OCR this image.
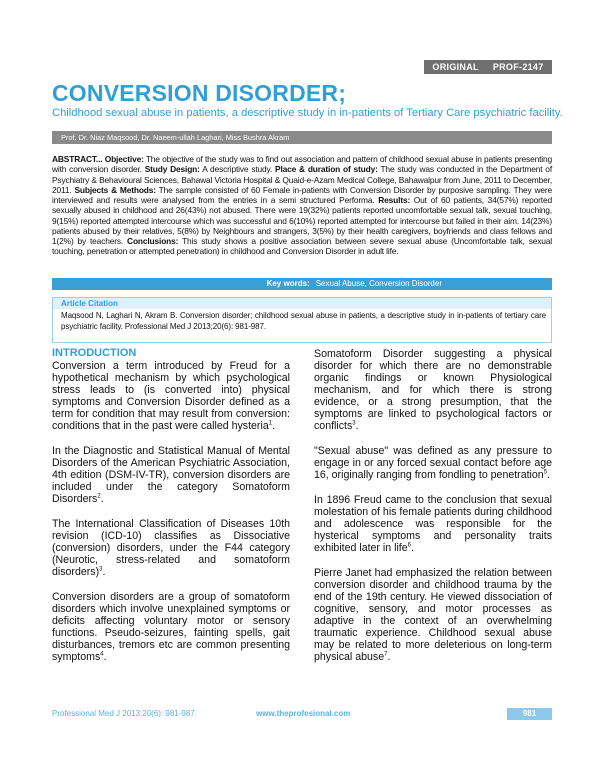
ORIGINAL PROF-2147
CONVERSION DISORDER;
Childhood sexual abuse in patients, a descriptive study in in-patients of Tertiary Care psychiatric facility.
Prof. Dr. Niaz Maqsood, Dr. Naeem-ullah Laghari, Miss Bushra Akram
ABSTRACT... Objective: The objective of the study was to find out association and pattern of childhood sexual abuse in patients presenting with conversion disorder. Study Design: A descriptive study. Place & duration of study: The study was conducted in the Department of Psychiatry & Behavioural Sciences, Bahawal Victoria Hospital & Quaid-e-Azam Medical College, Bahawalpur from June, 2011 to December, 2011. Subjects & Methods: The sample consisted of 60 Female in-patients with Conversion Disorder by purposive sampling. They were interviewed and results were analysed from the entries in a semi structured Performa. Results: Out of 60 patients, 34(57%) reported sexually abused in childhood and 26(43%) not abused. There were 19(32%) patients reported uncomfortable sexual talk, sexual touching, 9(15%) reported attempted intercourse which was successful and 6(10%) reported attempted for intercourse but failed in their aim. 14(23%) patients abused by their relatives, 5(8%) by Neighbours and strangers, 3(5%) by their health caregivers, boyfriends and class fellows and 1(2%) by teachers. Conclusions: This study shows a positive association between severe sexual abuse (Uncomfortable talk, sexual touching, penetration or attempted penetration) in childhood and Conversion Disorder in adult life.
Key words: Sexual Abuse, Conversion Disorder
Article Citation
Maqsood N, Laghari N, Akram B. Conversion disorder; childhood sexual abuse in patients, a descriptive study in in-patients of tertiary care psychiatric facility. Professional Med J 2013;20(6): 981-987.
INTRODUCTION

Conversion a term introduced by Freud for a hypothetical mechanism by which psychological stress leads to (is converted into) physical symptoms and Conversion Disorder defined as a term for condition that may result from conversion: conditions that in the past were called hysteria$^1$.

In the Diagnostic and Statistical Manual of Mental Disorders of the American Psychiatric Association, 4th edition (DSM-IV-TR), conversion disorders are included under the category Somatoform Disorders$^2$.

The International Classification of Diseases 10th revision (ICD-10) classifies as Dissociative (conversion) disorders, under the F44 category (Neurotic, stress-related and somatoform disorders)$^3$.

Conversion disorders are a group of somatoform disorders which involve unexplained symptoms or deficits affecting voluntary motor or sensory functions. Pseudo-seizures, fainting spells, gait disturbances, tremors etc are common presenting symptoms$^4$.

Somatoform Disorder suggesting a physical disorder for which there are no demonstrable organic findings or known Physiological mechanism, and for which there is strong evidence, or a strong presumption, that the symptoms are linked to psychological factors or conflicts$^3$.

"Sexual abuse" was defined as any pressure to engage in or any forced sexual contact before age 16, originally ranging from fondling to penetration$^5$.

In 1896 Freud came to the conclusion that sexual molestation of his female patients during childhood and adolescence was responsible for the hysterical symptoms and personality traits exhibited later in life$^6$.

Pierre Janet had emphasized the relation between conversion disorder and childhood trauma by the end of the 19th century. He viewed dissociation of cognitive, sensory, and motor processes as adaptive in the context of an overwhelming traumatic experience. Childhood sexual abuse may be related to more deleterious on long-term physical abuse$^7$.

Professional Med J 2013;20(6): 981-987.	www.theprofesional.com	981
